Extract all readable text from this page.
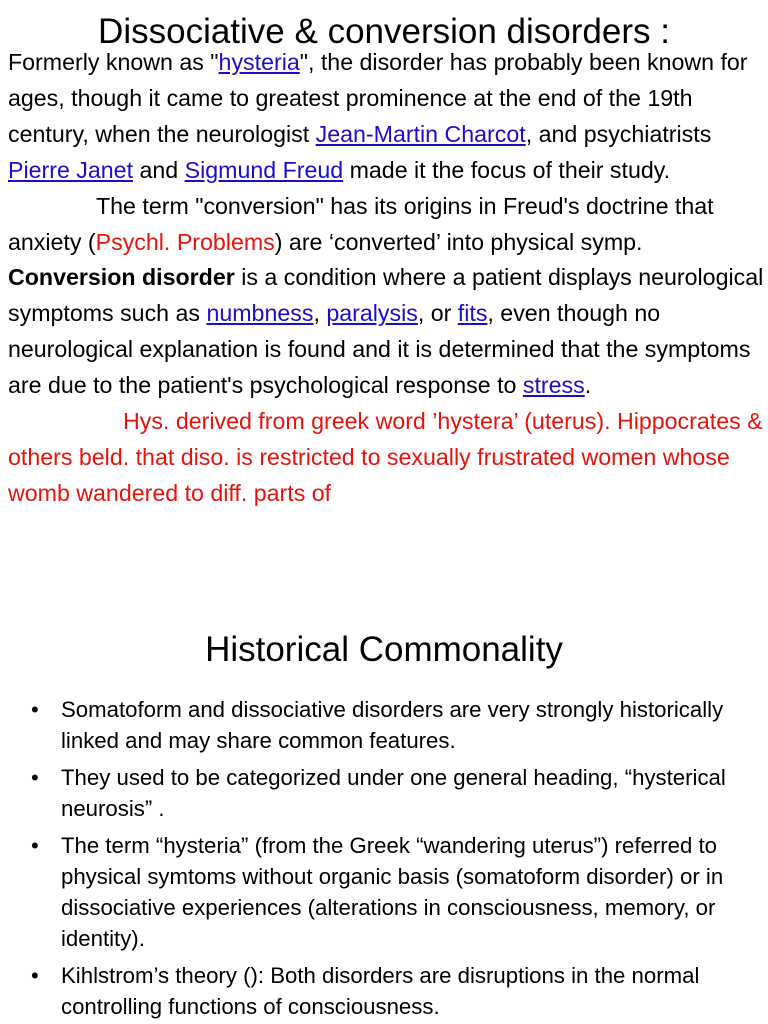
Dissociative & conversion disorders :

Formerly known as "hysteria", the disorder has probably been known for ages, though it came to greatest prominence at the end of the 19th century, when the neurologist Jean-Martin Charcot, and psychiatrists Pierre Janet and Sigmund Freud made it the focus of their study.

The term "conversion" has its origins in Freud's doctrine that anxiety (Psychl. Problems) are ‘converted’ into physical symp. Conversion disorder is a condition where a patient displays neurological symptoms such as numbness, paralysis, or fits, even though no neurological explanation is found and it is determined that the symptoms are due to the patient's psychological response to stress.

Hys. derived from greek word ’hystera’ (uterus). Hippocrates & others beld. that diso. is restricted to sexually frustrated women whose womb wandered to diff. parts of

Historical Commonality
• Somatoform and dissociative disorders are very strongly historically linked and may share common features.
• They used to be categorized under one general heading, “hysterical neurosis” .
• The term “hysteria” (from the Greek “wandering uterus”) referred to physical symtoms without organic basis (somatoform disorder) or in dissociative experiences (alterations in consciousness, memory, or identity).
• Kihlstrom’s theory (): Both disorders are disruptions in the normal controlling functions of consciousness.
